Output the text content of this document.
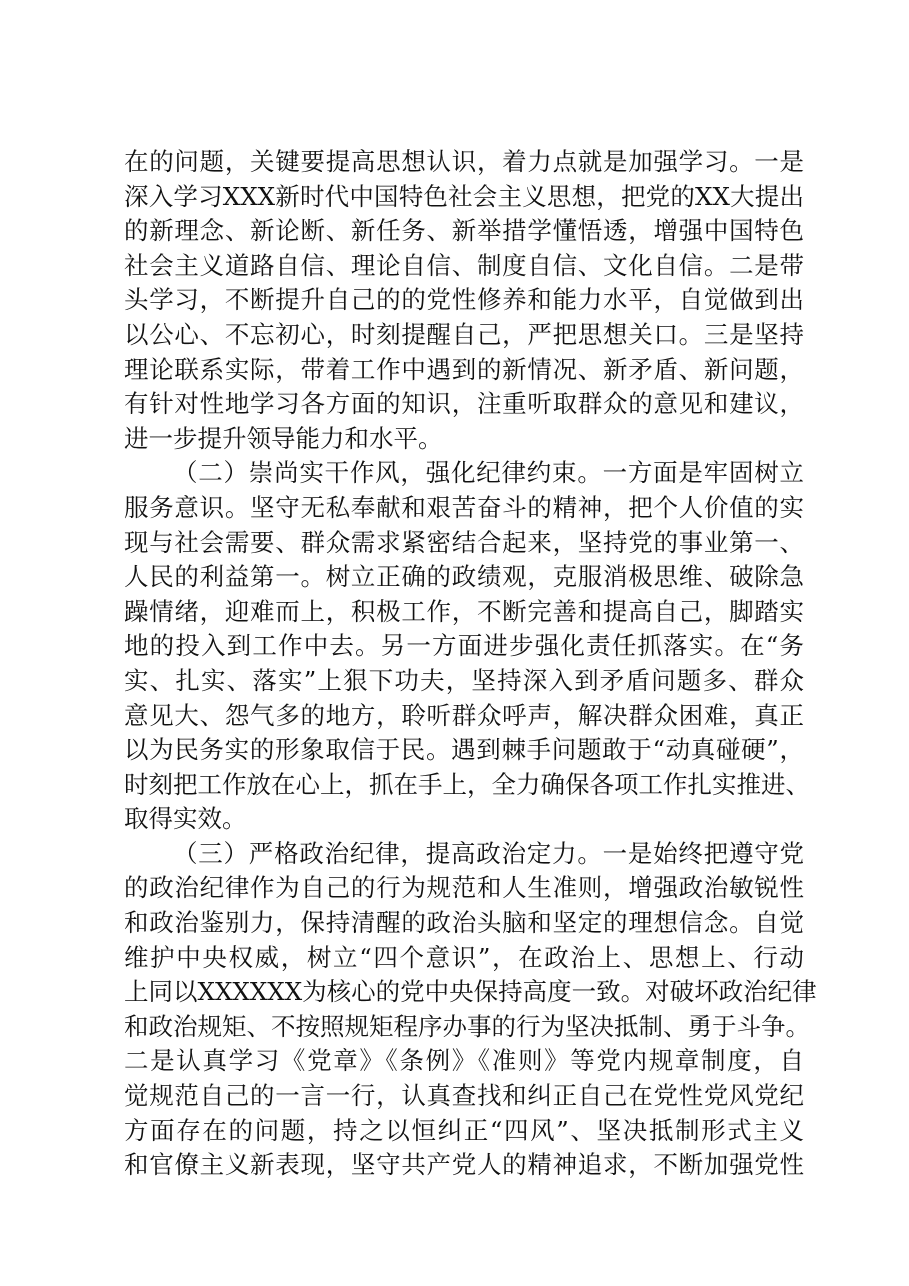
在的问题，关键要提高思想认识，着力点就是加强学习。一是
深入学习XXX新时代中国特色社会主义思想，把党的XX大提出
的新理念、新论断、新任务、新举措学懂悟透，增强中国特色
社会主义道路自信、理论自信、制度自信、文化自信。二是带
头学习，不断提升自己的的党性修养和能力水平，自觉做到出
以公心、不忘初心，时刻提醒自己，严把思想关口。三是坚持
理论联系实际，带着工作中遇到的新情况、新矛盾、新问题，
有针对性地学习各方面的知识，注重听取群众的意见和建议，
进一步提升领导能力和水平。
（二）崇尚实干作风，强化纪律约束。一方面是牢固树立
服务意识。坚守无私奉献和艰苦奋斗的精神，把个人价值的实
现与社会需要、群众需求紧密结合起来，坚持党的事业第一、
人民的利益第一。树立正确的政绩观，克服消极思维、破除急
躁情绪，迎难而上，积极工作，不断完善和提高自己，脚踏实
地的投入到工作中去。另一方面进步强化责任抓落实。在“务
实、扎实、落实”上狠下功夫，坚持深入到矛盾问题多、群众
意见大、怨气多的地方，聆听群众呼声，解决群众困难，真正
以为民务实的形象取信于民。遇到棘手问题敢于“动真碰硬”，
时刻把工作放在心上，抓在手上，全力确保各项工作扎实推进、
取得实效。
（三）严格政治纪律，提高政治定力。一是始终把遵守党
的政治纪律作为自己的行为规范和人生准则，增强政治敏锐性
和政治鉴别力，保持清醒的政治头脑和坚定的理想信念。自觉
维护中央权威，树立“四个意识”，在政治上、思想上、行动
上同以XXXXXX为核心的党中央保持高度一致。对破坏政治纪律
和政治规矩、不按照规矩程序办事的行为坚决抵制、勇于斗争。
二是认真学习《党章》《条例》《准则》等党内规章制度，自
觉规范自己的一言一行，认真查找和纠正自己在党性党风党纪
方面存在的问题，持之以恒纠正“四风”、坚决抵制形式主义
和官僚主义新表现，坚守共产党人的精神追求，不断加强党性
